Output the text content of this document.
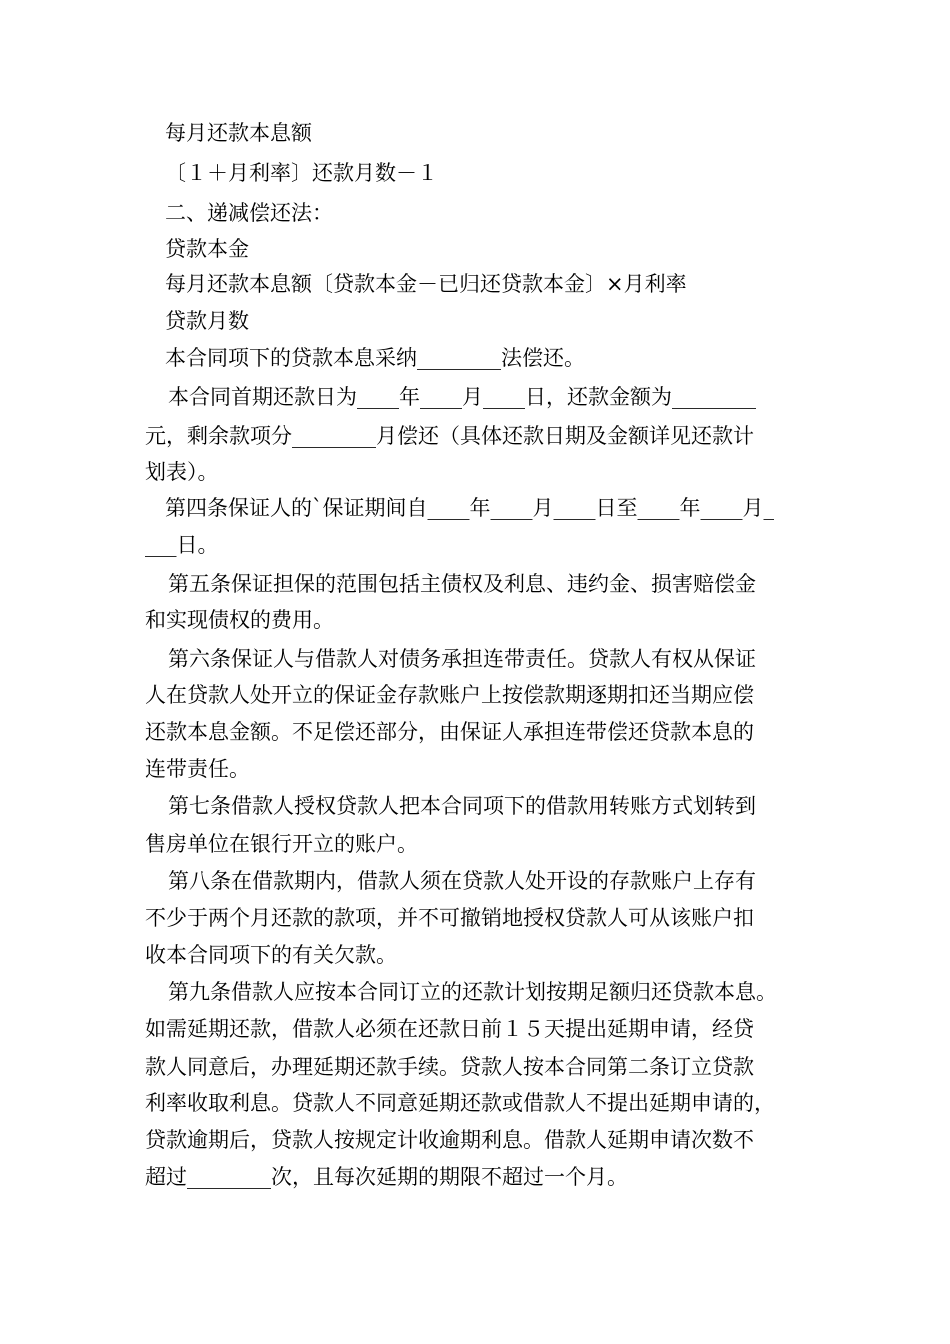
每月还款本息额
〔１＋月利率〕还款月数－１
二、递减偿还法：
贷款本金
每月还款本息额〔贷款本金－已归还贷款本金〕×月利率
贷款月数
本合同项下的贷款本息采纳________法偿还。
本合同首期还款日为____年____月____日，还款金额为________
元，剩余款项分________月偿还（具体还款日期及金额详见还款计
划表）。
第四条保证人的`保证期间自____年____月____日至____年____月_
___日。
第五条保证担保的范围包括主债权及利息、违约金、损害赔偿金
和实现债权的费用。
第六条保证人与借款人对债务承担连带责任。贷款人有权从保证
人在贷款人处开立的保证金存款账户上按偿款期逐期扣还当期应偿
还款本息金额。不足偿还部分，由保证人承担连带偿还贷款本息的
连带责任。
第七条借款人授权贷款人把本合同项下的借款用转账方式划转到
售房单位在银行开立的账户。
第八条在借款期内，借款人须在贷款人处开设的存款账户上存有
不少于两个月还款的款项，并不可撤销地授权贷款人可从该账户扣
收本合同项下的有关欠款。
第九条借款人应按本合同订立的还款计划按期足额归还贷款本息。
如需延期还款，借款人必须在还款日前１５天提出延期申请，经贷
款人同意后，办理延期还款手续。贷款人按本合同第二条订立贷款
利率收取利息。贷款人不同意延期还款或借款人不提出延期申请的，
贷款逾期后，贷款人按规定计收逾期利息。借款人延期申请次数不
超过________次，且每次延期的期限不超过一个月。
